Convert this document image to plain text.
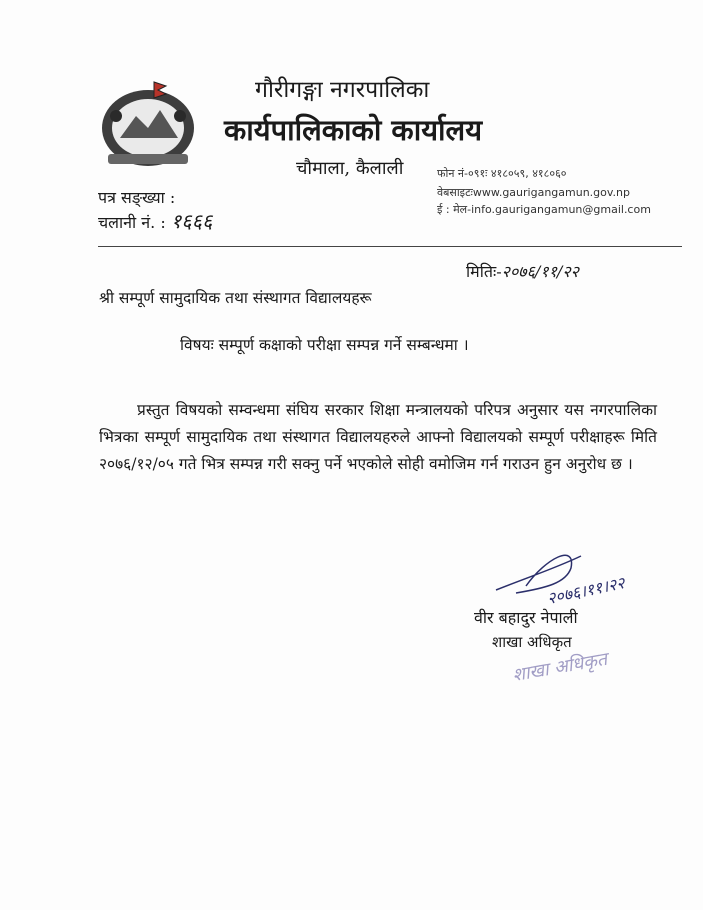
गौरीगङ्गा नगरपालिका
कार्यपालिकाको कार्यालय
चौमाला, कैलाली	फोन नं-०९१ः ४१८०५९, ४१८०६०
वेबसाइटःwww.gaurigangamun.gov.np
ई : मेल-info.gaurigangamun@gmail.com
पत्र सङ्ख्या :
चलानी नं. : १६६६
मितिः-२०७६/११/२२
श्री सम्पूर्ण सामुदायिक तथा संस्थागत विद्यालयहरू
विषयः सम्पूर्ण कक्षाको परीक्षा सम्पन्न गर्ने सम्बन्धमा ।

प्रस्तुत विषयको सम्वन्धमा संघिय सरकार शिक्षा मन्त्रालयको परिपत्र अनुसार यस नगरपालिका भित्रका सम्पूर्ण सामुदायिक तथा संस्थागत विद्यालयहरुले आफ्नो विद्यालयको सम्पूर्ण परीक्षाहरू मिति २०७६/१२/०५ गते भित्र सम्पन्न गरी सक्नु पर्ने भएकोले सोही वमोजिम गर्न गराउन हुन अनुरोध छ ।

२०७६।११।२२
वीर बहादुर नेपाली
शाखा अधिकृत
शाखा अधिकृत
